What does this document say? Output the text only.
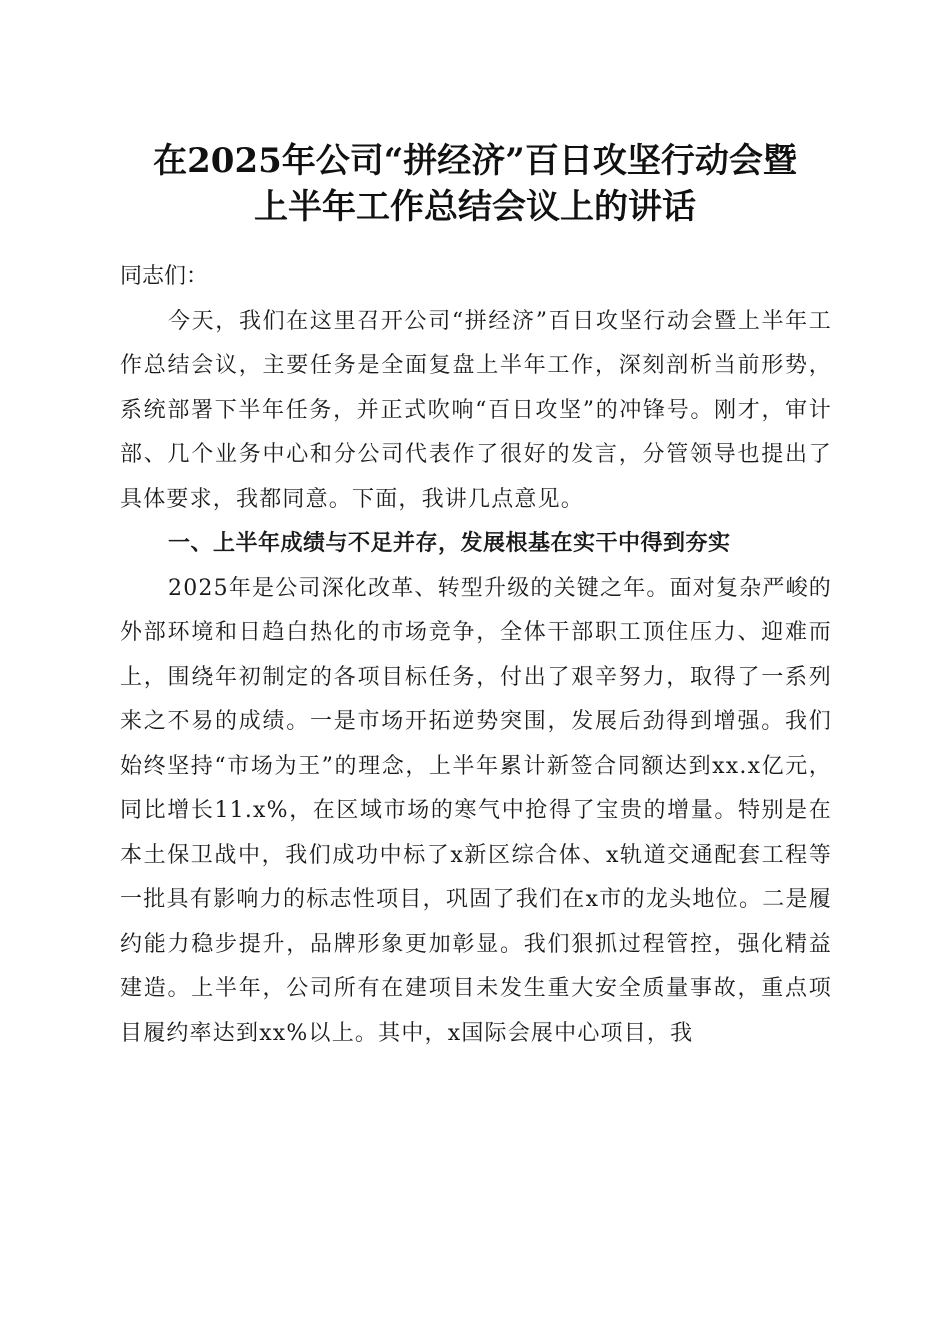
在2025年公司“拼经济”百日攻坚行动会暨
上半年工作总结会议上的讲话

同志们：

今天，我们在这里召开公司“拼经济”百日攻坚行动会暨上半年工作总结会议，主要任务是全面复盘上半年工作，深刻剖析当前形势，系统部署下半年任务，并正式吹响“百日攻坚”的冲锋号。刚才，审计部、几个业务中心和分公司代表作了很好的发言，分管领导也提出了具体要求，我都同意。下面，我讲几点意见。

一、上半年成绩与不足并存，发展根基在实干中得到夯实

2025年是公司深化改革、转型升级的关键之年。面对复杂严峻的外部环境和日趋白热化的市场竞争，全体干部职工顶住压力、迎难而上，围绕年初制定的各项目标任务，付出了艰辛努力，取得了一系列来之不易的成绩。一是市场开拓逆势突围，发展后劲得到增强。我们始终坚持“市场为王”的理念，上半年累计新签合同额达到xx.x亿元，同比增长11.x%，在区域市场的寒气中抢得了宝贵的增量。特别是在本土保卫战中，我们成功中标了x新区综合体、x轨道交通配套工程等一批具有影响力的标志性项目，巩固了我们在x市的龙头地位。二是履约能力稳步提升，品牌形象更加彰显。我们狠抓过程管控，强化精益建造。上半年，公司所有在建项目未发生重大安全质量事故，重点项目履约率达到xx%以上。其中，x国际会展中心项目，我
